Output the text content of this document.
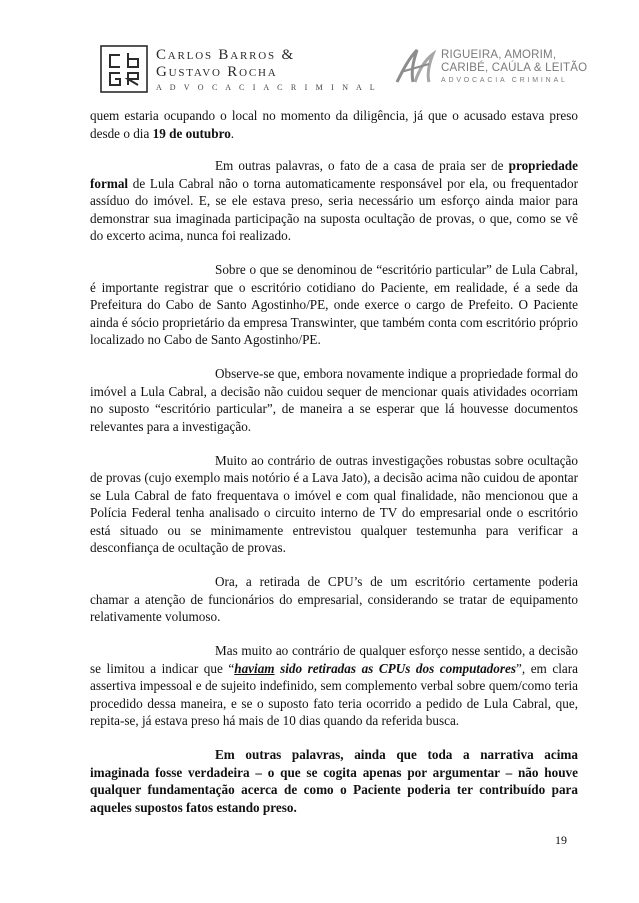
Carlos Barros &
Gustavo Rocha
A D V O C A C I A C R I M I N A L
RIGUEIRA, AMORIM,
CARIBÉ, CAÚLA & LEITÃO
ADVOCACIA CRIMINAL

quem estaria ocupando o local no momento da diligência, já que o acusado estava preso desde o dia 19 de outubro.

Em outras palavras, o fato de a casa de praia ser de propriedade formal de Lula Cabral não o torna automaticamente responsável por ela, ou frequentador assíduo do imóvel. E, se ele estava preso, seria necessário um esforço ainda maior para demonstrar sua imaginada participação na suposta ocultação de provas, o que, como se vê do excerto acima, nunca foi realizado.

Sobre o que se denominou de “escritório particular” de Lula Cabral, é importante registrar que o escritório cotidiano do Paciente, em realidade, é a sede da Prefeitura do Cabo de Santo Agostinho/PE, onde exerce o cargo de Prefeito. O Paciente ainda é sócio proprietário da empresa Transwinter, que também conta com escritório próprio localizado no Cabo de Santo Agostinho/PE.

Observe-se que, embora novamente indique a propriedade formal do imóvel a Lula Cabral, a decisão não cuidou sequer de mencionar quais atividades ocorriam no suposto “escritório particular”, de maneira a se esperar que lá houvesse documentos relevantes para a investigação.

Muito ao contrário de outras investigações robustas sobre ocultação de provas (cujo exemplo mais notório é a Lava Jato), a decisão acima não cuidou de apontar se Lula Cabral de fato frequentava o imóvel e com qual finalidade, não mencionou que a Polícia Federal tenha analisado o circuito interno de TV do empresarial onde o escritório está situado ou se minimamente entrevistou qualquer testemunha para verificar a desconfiança de ocultação de provas.

Ora, a retirada de CPU’s de um escritório certamente poderia chamar a atenção de funcionários do empresarial, considerando se tratar de equipamento relativamente volumoso.

Mas muito ao contrário de qualquer esforço nesse sentido, a decisão se limitou a indicar que “haviam sido retiradas as CPUs dos computadores”, em clara assertiva impessoal e de sujeito indefinido, sem complemento verbal sobre quem/como teria procedido dessa maneira, e se o suposto fato teria ocorrido a pedido de Lula Cabral, que, repita-se, já estava preso há mais de 10 dias quando da referida busca.

Em outras palavras, ainda que toda a narrativa acima imaginada fosse verdadeira – o que se cogita apenas por argumentar – não houve qualquer fundamentação acerca de como o Paciente poderia ter contribuído para aqueles supostos fatos estando preso.

19
